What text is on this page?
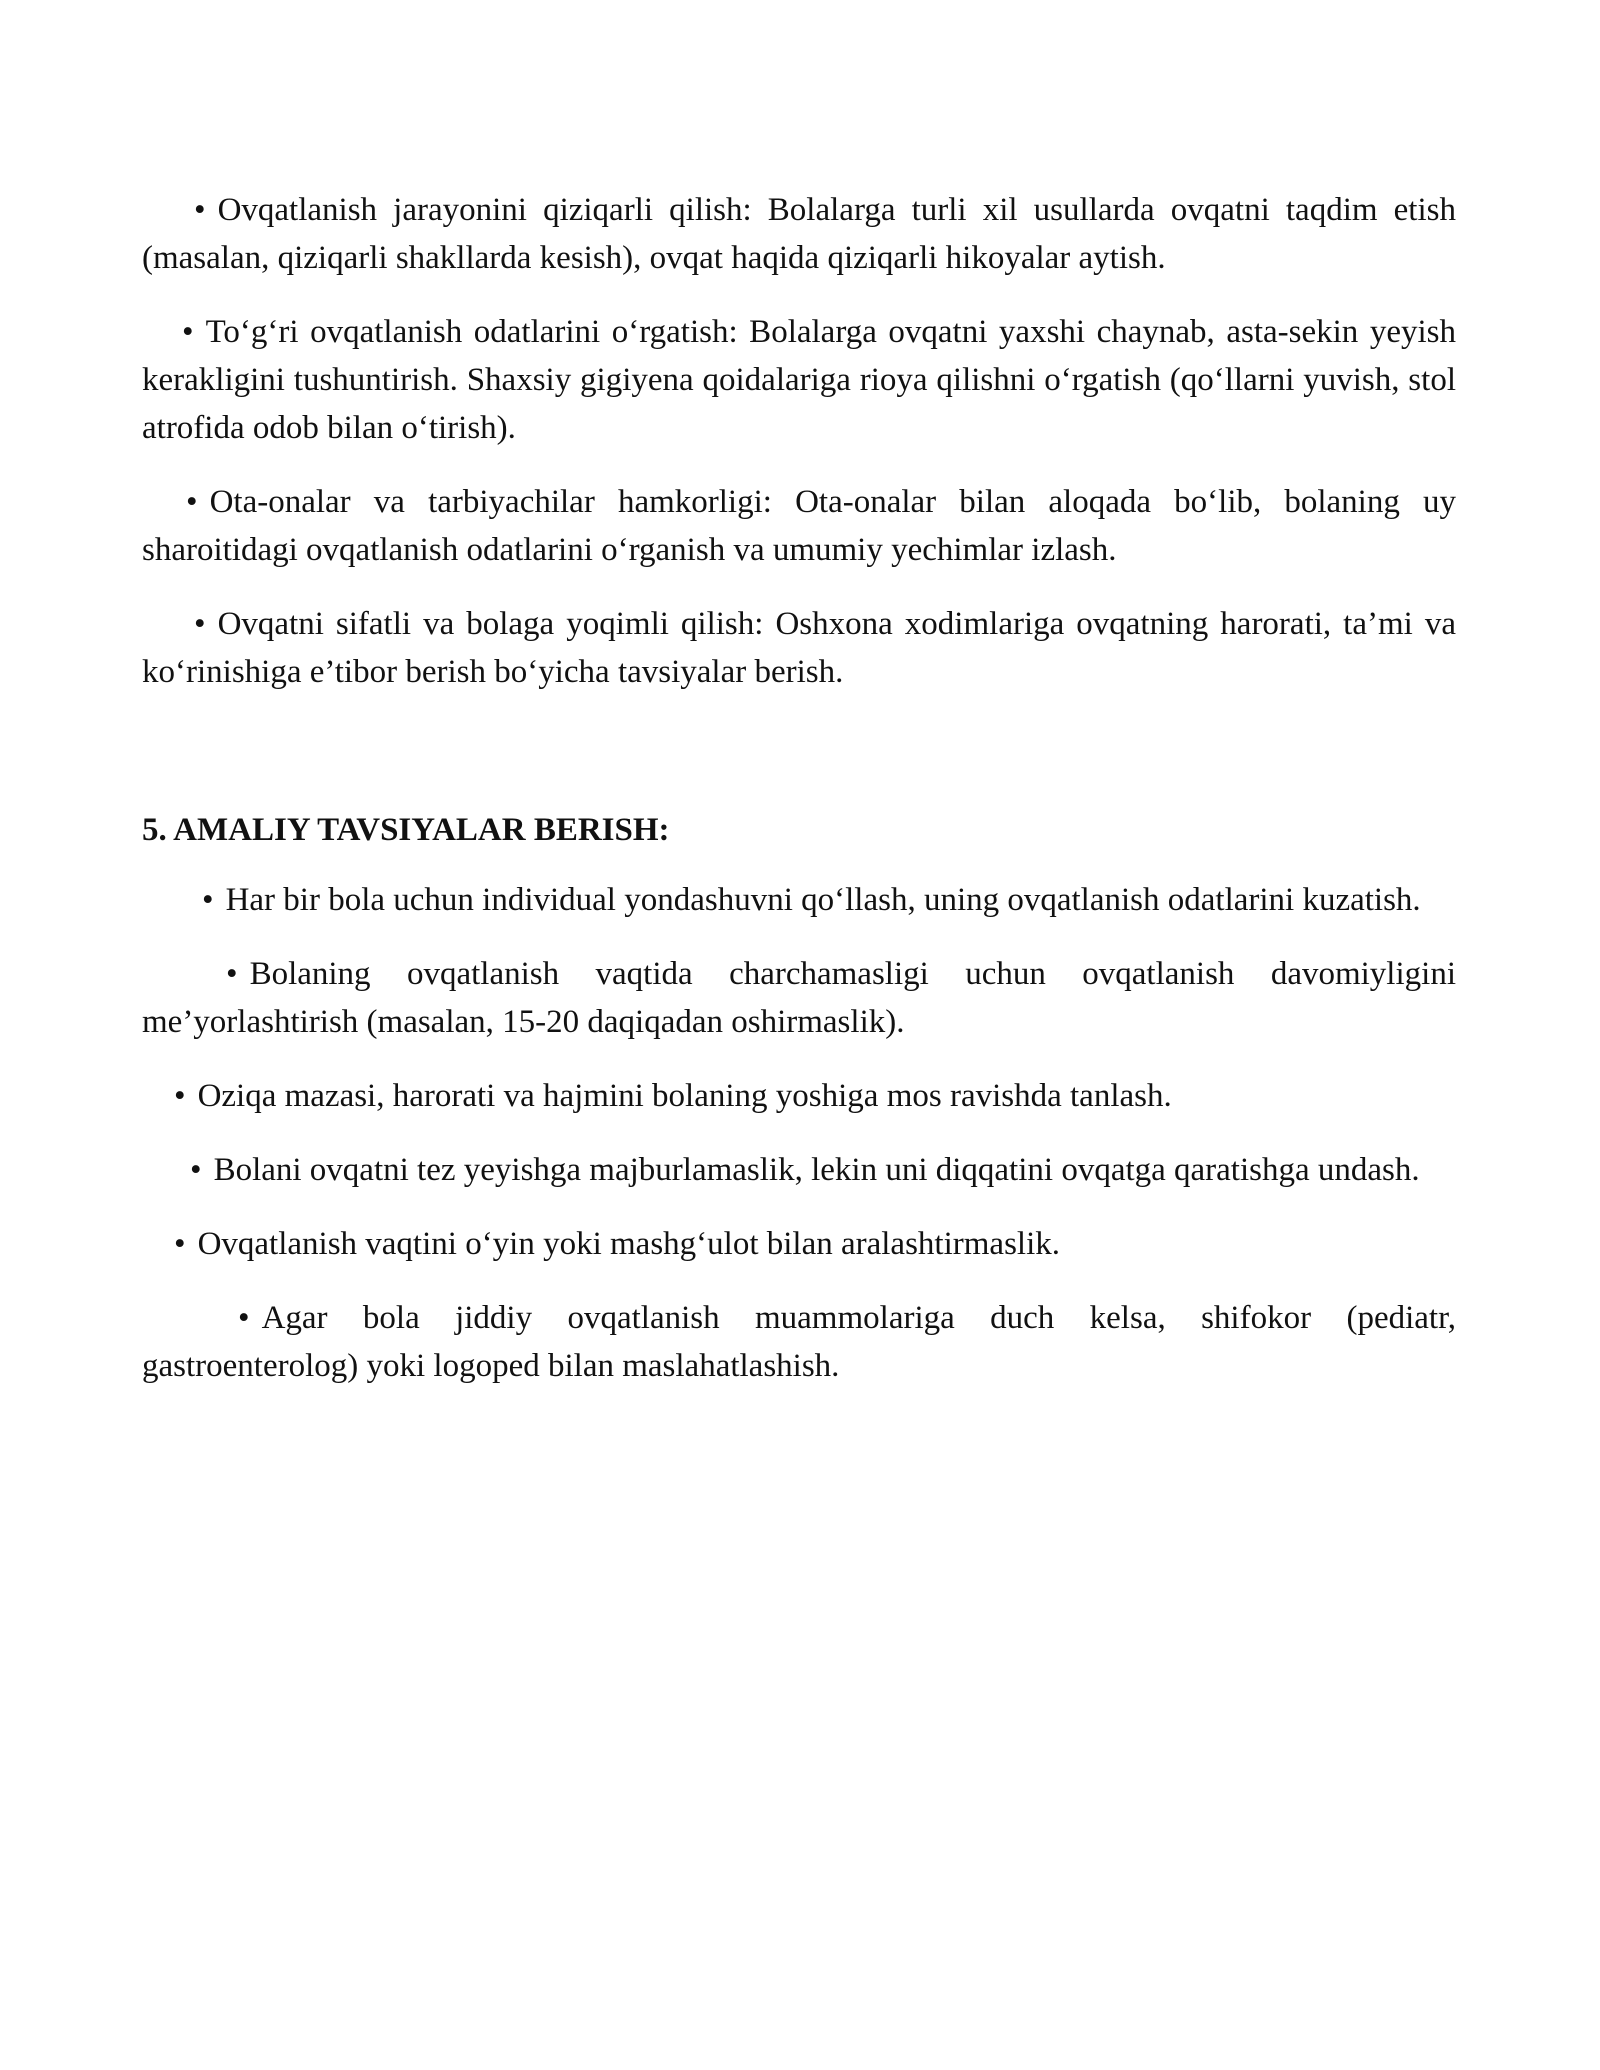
• Ovqatlanish jarayonini qiziqarli qilish: Bolalarga turli xil usullarda ovqatni taqdim etish (masalan, qiziqarli shakllarda kesish), ovqat haqida qiziqarli hikoyalar aytish.

• To‘g‘ri ovqatlanish odatlarini o‘rgatish: Bolalarga ovqatni yaxshi chaynab, asta-sekin yeyish kerakligini tushuntirish. Shaxsiy gigiyena qoidalariga rioya qilishni o‘rgatish (qo‘llarni yuvish, stol atrofida odob bilan o‘tirish).

• Ota-onalar va tarbiyachilar hamkorligi: Ota-onalar bilan aloqada bo‘lib, bolaning uy sharoitidagi ovqatlanish odatlarini o‘rganish va umumiy yechimlar izlash.

• Ovqatni sifatli va bolaga yoqimli qilish: Oshxona xodimlariga ovqatning harorati, ta’mi va ko‘rinishiga e’tibor berish bo‘yicha tavsiyalar berish.

5. AMALIY TAVSIYALAR BERISH:

• Har bir bola uchun individual yondashuvni qo‘llash, uning ovqatlanish odatlarini kuzatish.

• Bolaning ovqatlanish vaqtida charchamasligi uchun ovqatlanish davomiyligini me’yorlashtirish (masalan, 15-20 daqiqadan oshirmaslik).

• Oziqa mazasi, harorati va hajmini bolaning yoshiga mos ravishda tanlash.

• Bolani ovqatni tez yeyishga majburlamaslik, lekin uni diqqatini ovqatga qaratishga undash.

• Ovqatlanish vaqtini o‘yin yoki mashg‘ulot bilan aralashtirmaslik.

• Agar bola jiddiy ovqatlanish muammolariga duch kelsa, shifokor (pediatr, gastroenterolog) yoki logoped bilan maslahatlashish.
